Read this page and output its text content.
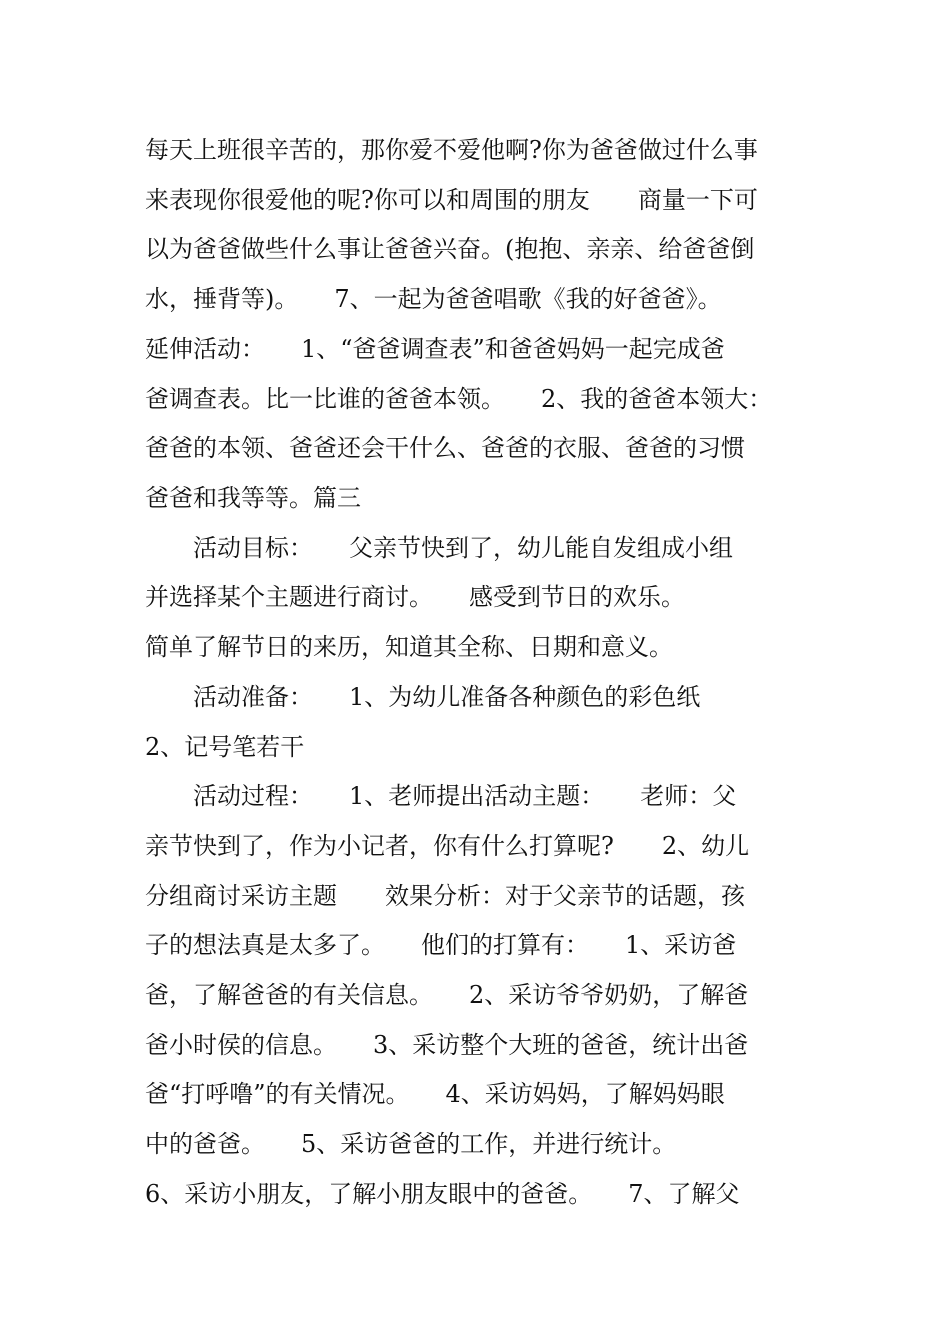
每天上班很辛苦的，那你爱不爱他啊?你为爸爸做过什么事
来表现你很爱他的呢?你可以和周围的朋友　　商量一下可
以为爸爸做些什么事让爸爸兴奋。(抱抱、亲亲、给爸爸倒
水，捶背等)。　　7、一起为爸爸唱歌《我的好爸爸》。
延伸活动：　　1、“爸爸调查表”和爸爸妈妈一起完成爸
爸调查表。比一比谁的爸爸本领。　　2、我的爸爸本领大：
爸爸的本领、爸爸还会干什么、爸爸的衣服、爸爸的习惯
爸爸和我等等。篇三
　　活动目标：　　父亲节快到了，幼儿能自发组成小组
并选择某个主题进行商讨。　　感受到节日的欢乐。
简单了解节日的来历，知道其全称、日期和意义。
　　活动准备：　　1、为幼儿准备各种颜色的彩色纸
2、记号笔若干
　　活动过程：　　1、老师提出活动主题：　　老师：父
亲节快到了，作为小记者，你有什么打算呢?　　2、幼儿
分组商讨采访主题　　效果分析：对于父亲节的话题，孩
子的想法真是太多了。　　他们的打算有：　　1、采访爸
爸，了解爸爸的有关信息。　　2、采访爷爷奶奶，了解爸
爸小时侯的信息。　　3、采访整个大班的爸爸，统计出爸
爸“打呼噜”的有关情况。　　4、采访妈妈，了解妈妈眼
中的爸爸。　　5、采访爸爸的工作，并进行统计。
6、采访小朋友，了解小朋友眼中的爸爸。　　7、了解父
